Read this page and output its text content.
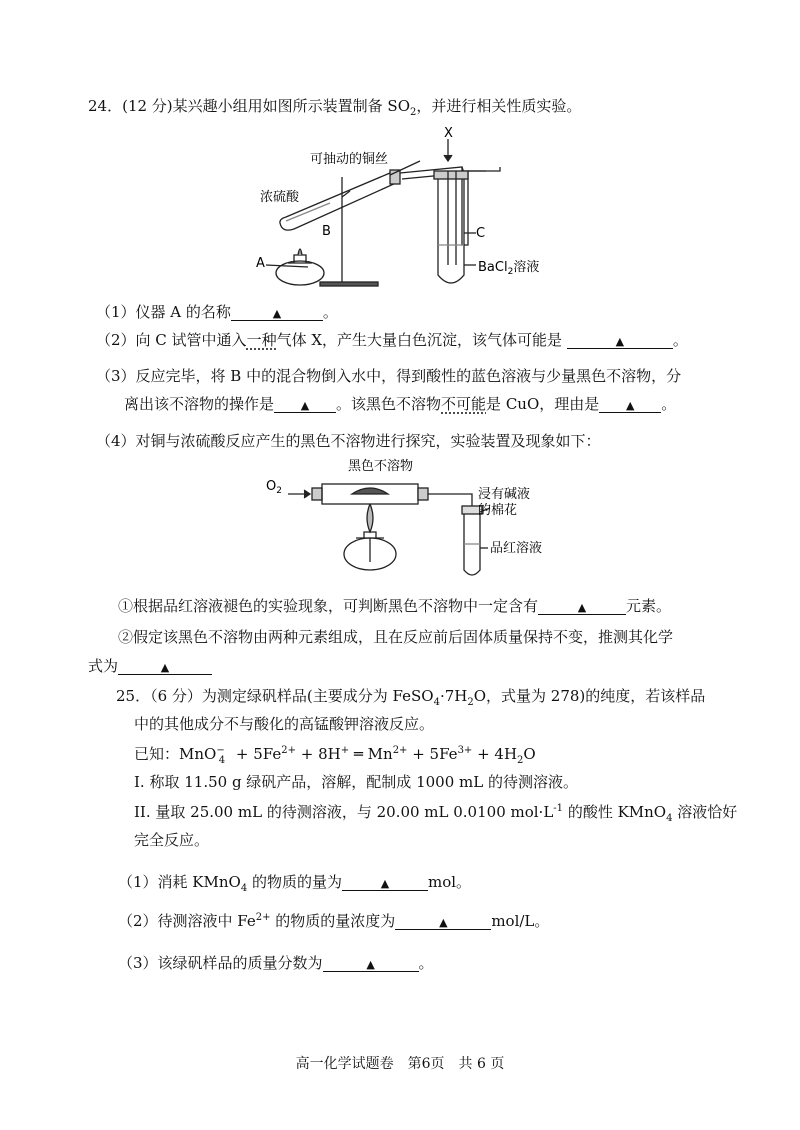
24．(12 分)某兴趣小组用如图所示装置制备 $SO_2$，并进行相关性质实验。
X
可抽动的铜丝
浓硫酸
B
A
C
BaCl$_2$溶液
（1）仪器 A 的名称	▲	。
（2）向 C 试管中通入一种气体 X，产生大量白色沉淀，该气体可能是	▲	。
（3）反应完毕，将 B 中的混合物倒入水中，得到酸性的蓝色溶液与少量黑色不溶物，分
离出该不溶物的操作是 ▲ 。该黑色不溶物不可能是 CuO，理由是 ▲ 。
（4）对铜与浓硫酸反应产生的黑色不溶物进行探究，实验装置及现象如下：
黑色不溶物
$O_2$	浸有碱液
的棉花
品红溶液
①根据品红溶液褪色的实验现象，可判断黑色不溶物中一定含有	▲	元素。
②假定该黑色不溶物由两种元素组成，且在反应前后固体质量保持不变，推测其化学
式为	▲
25．（6 分）为测定绿矾样品(主要成分为 $FeSO_4\cdot 7H_2O$，式量为 278)的纯度，若该样品
中的其他成分不与酸化的高锰酸钾溶液反应。
已知：$MnO^-_4 + 5Fe^{2+} + 8H^+$ ═ $Mn^{2+} + 5Fe^{3+} + 4H_2O$
I. 称取 11.50 g 绿矾产品，溶解，配制成 1000 mL 的待测溶液。
II. 量取 25.00 mL 的待测溶液，与 20.00 mL 0.0100 $mol\cdot L^{-1}$ 的酸性 KMnO$_4$ 溶液恰好
完全反应。
（1）消耗 KMnO$_4$ 的物质的量为	▲	mol。
（2）待测溶液中 $Fe^{2+}$ 的物质的量浓度为	▲	mol/L。
（3）该绿矾样品的质量分数为	▲	。
高一化学试题卷　第6页　共 6 页
